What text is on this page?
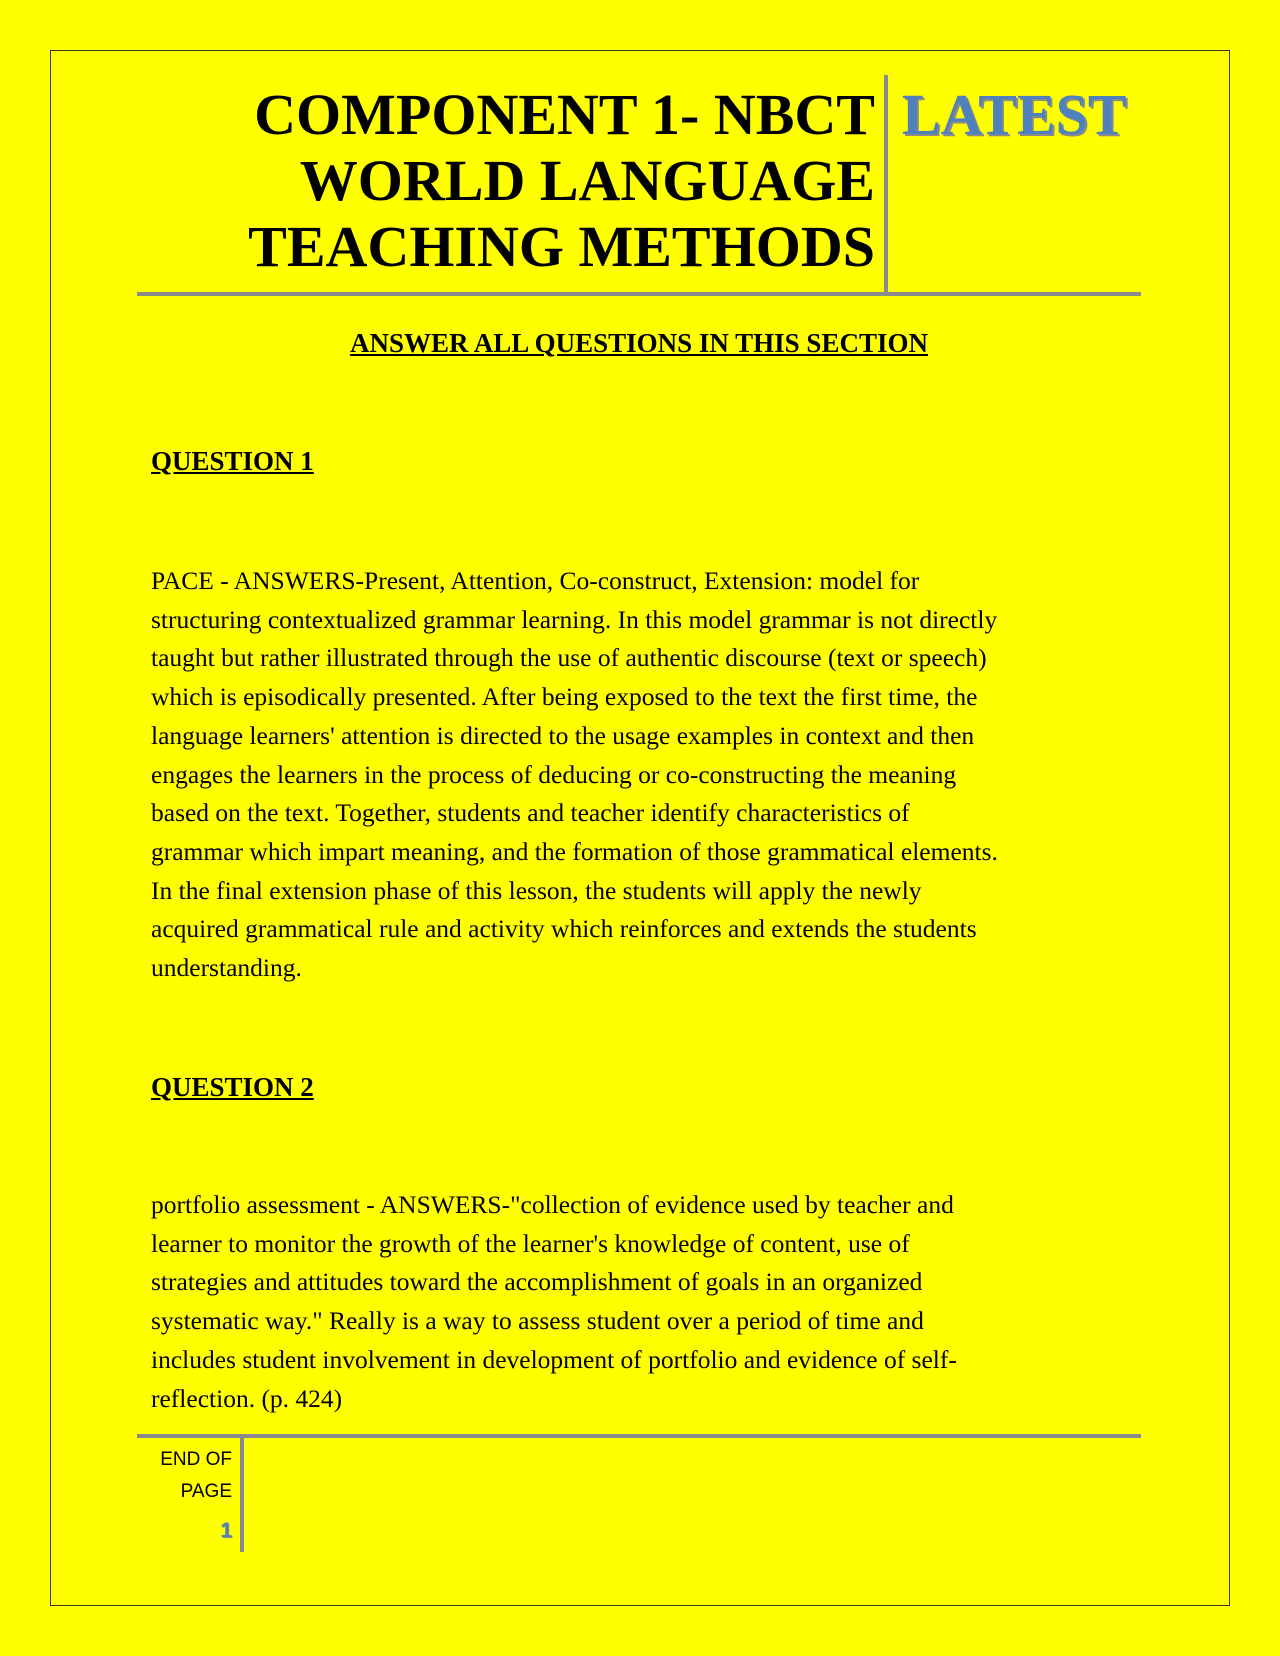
COMPONENT 1- NBCT
WORLD LANGUAGE
TEACHING METHODS
LATEST
ANSWER ALL QUESTIONS IN THIS SECTION
QUESTION 1

PACE - ANSWERS-Present, Attention, Co-construct, Extension: model for
structuring contextualized grammar learning. In this model grammar is not directly
taught but rather illustrated through the use of authentic discourse (text or speech)
which is episodically presented. After being exposed to the text the first time, the
language learners' attention is directed to the usage examples in context and then
engages the learners in the process of deducing or co-constructing the meaning
based on the text. Together, students and teacher identify characteristics of
grammar which impart meaning, and the formation of those grammatical elements.
In the final extension phase of this lesson, the students will apply the newly
acquired grammatical rule and activity which reinforces and extends the students
understanding.

QUESTION 2

portfolio assessment - ANSWERS-"collection of evidence used by teacher and
learner to monitor the growth of the learner's knowledge of content, use of
strategies and attitudes toward the accomplishment of goals in an organized
systematic way." Really is a way to assess student over a period of time and
includes student involvement in development of portfolio and evidence of self-
reflection. (p. 424)

END OF
PAGE
1
